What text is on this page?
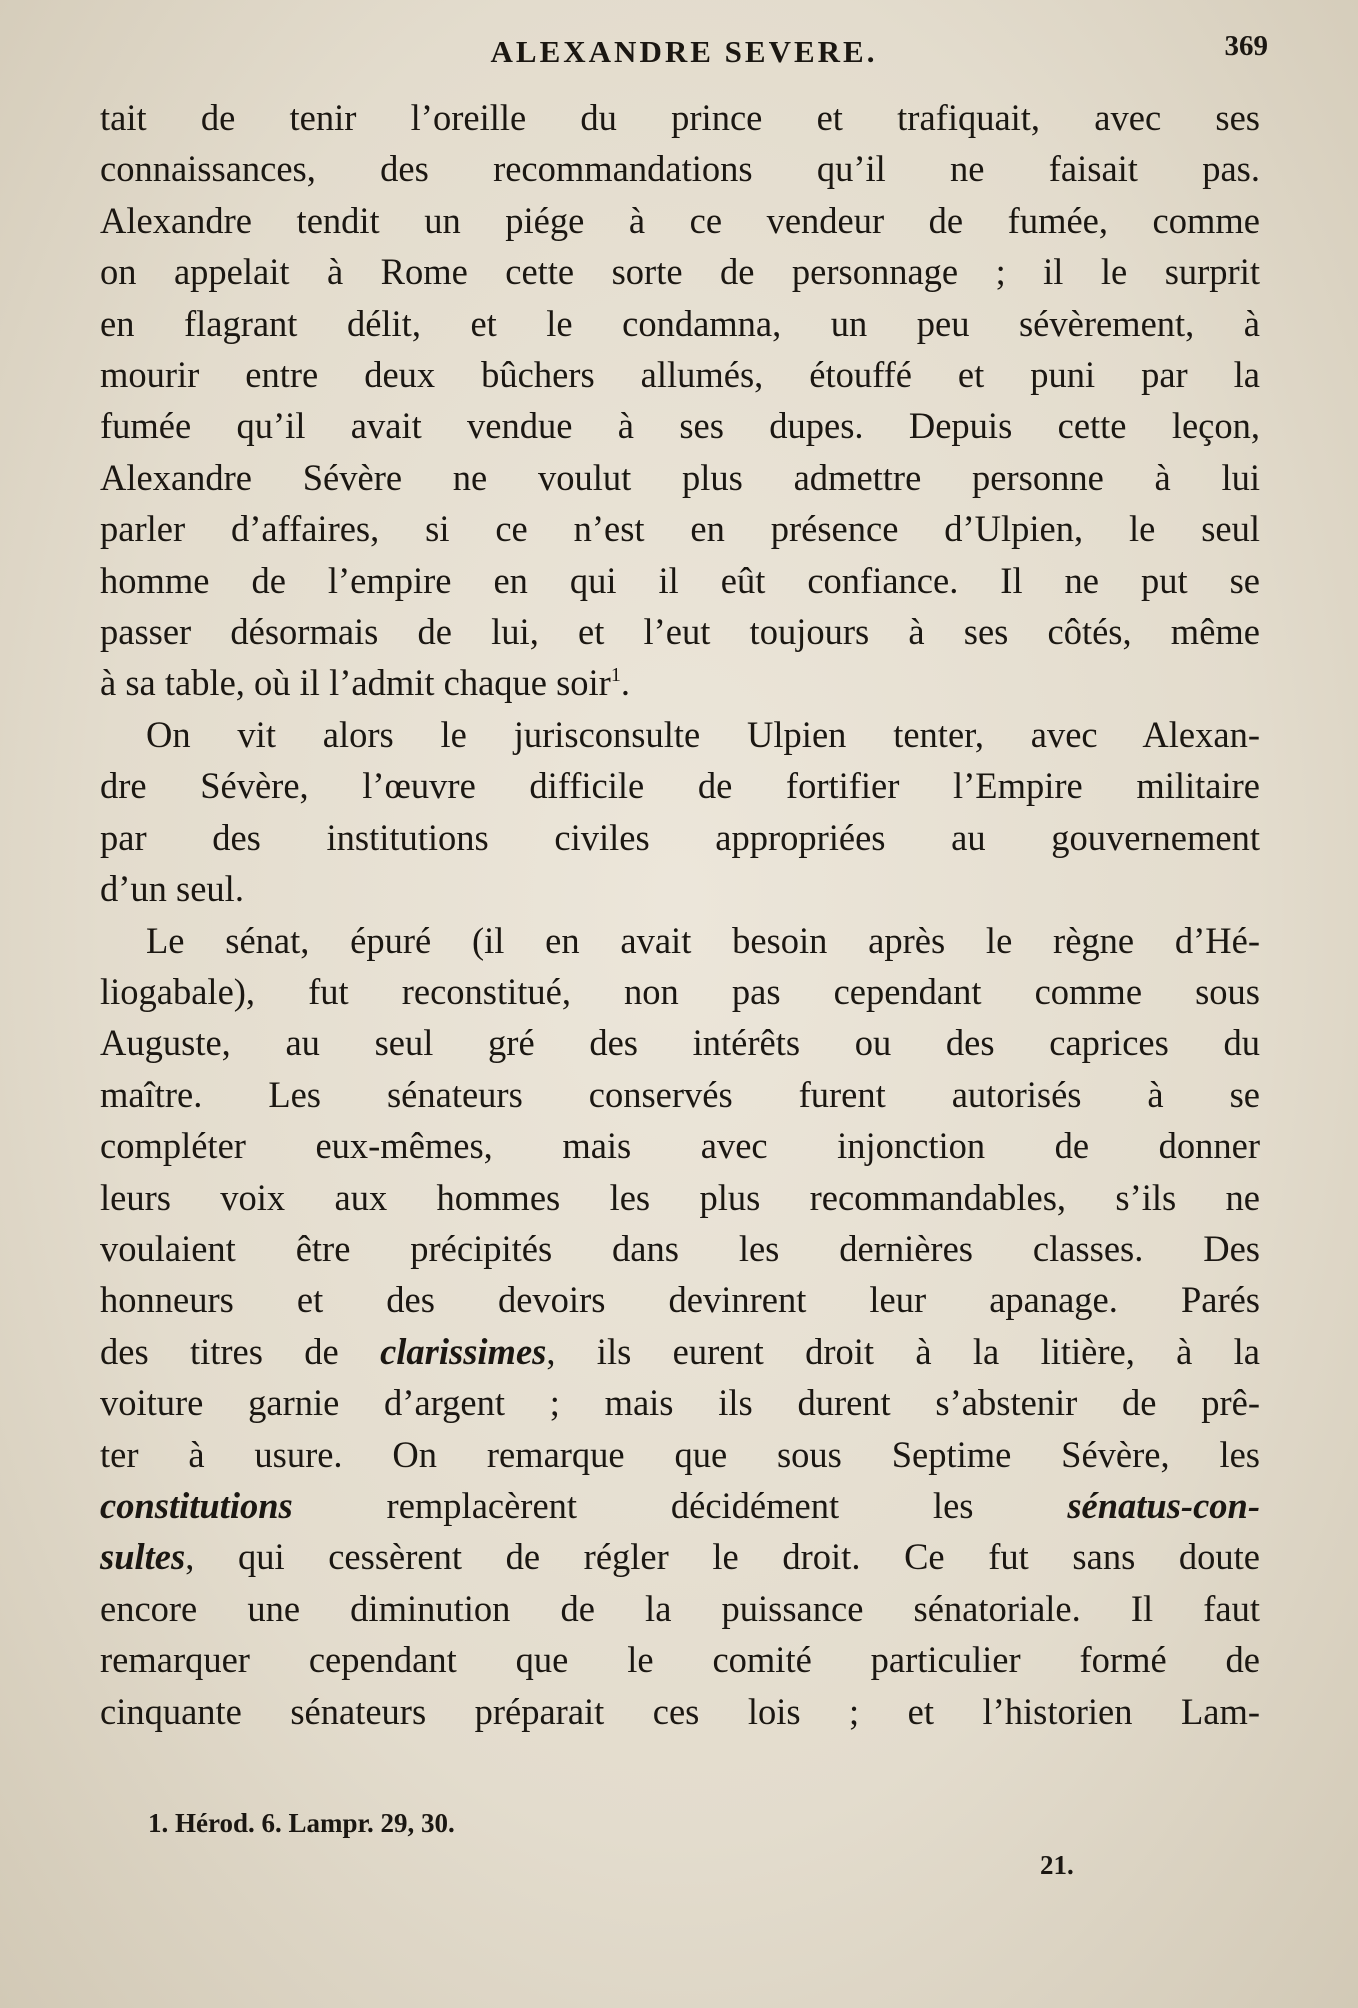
ALEXANDRE SEVERE.	369
tait de tenir l’oreille du prince et trafiquait, avec ses
connaissances, des recommandations qu’il ne faisait pas.
Alexandre tendit un piége à ce vendeur de fumée, comme
on appelait à Rome cette sorte de personnage ; il le surprit
en flagrant délit, et le condamna, un peu sévèrement, à
mourir entre deux bûchers allumés, étouffé et puni par la
fumée qu’il avait vendue à ses dupes. Depuis cette leçon,
Alexandre Sévère ne voulut plus admettre personne à lui
parler d’affaires, si ce n’est en présence d’Ulpien, le seul
homme de l’empire en qui il eût confiance. Il ne put se
passer désormais de lui, et l’eut toujours à ses côtés, même
à sa table, où il l’admit chaque soir$^1$.
On vit alors le jurisconsulte Ulpien tenter, avec Alexan-
dre Sévère, l’œuvre difficile de fortifier l’Empire militaire
par des institutions civiles appropriées au gouvernement
d’un seul.
Le sénat, épuré (il en avait besoin après le règne d’Hé-
liogabale), fut reconstitué, non pas cependant comme sous
Auguste, au seul gré des intérêts ou des caprices du
maître. Les sénateurs conservés furent autorisés à se
compléter eux-mêmes, mais avec injonction de donner
leurs voix aux hommes les plus recommandables, s’ils ne
voulaient être précipités dans les dernières classes. Des
honneurs et des devoirs devinrent leur apanage. Parés
des titres de clarissimes, ils eurent droit à la litière, à la
voiture garnie d’argent ; mais ils durent s’abstenir de prê-
ter à usure. On remarque que sous Septime Sévère, les
constitutions remplacèrent décidément les sénatus-con-
sultes, qui cessèrent de régler le droit. Ce fut sans doute
encore une diminution de la puissance sénatoriale. Il faut
remarquer cependant que le comité particulier formé de
cinquante sénateurs préparait ces lois ; et l’historien Lam-
1. Hérod. 6. Lampr. 29, 30.
21.
